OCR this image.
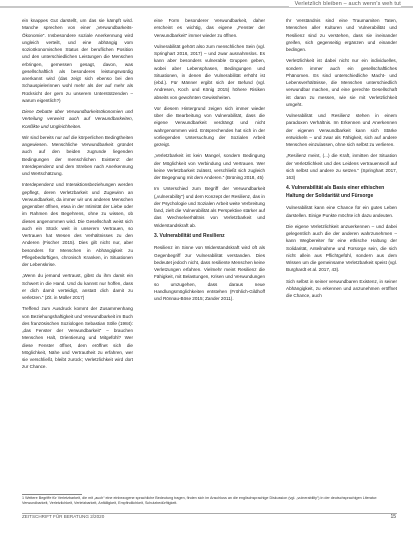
Verletzlich bleiben – auch wenn's weh tut

ein knappes Gut darstellt, um das sie kämpft wird. Manche sprechen von einer „Verwundbarkeits-Ökonomie“. Insbesondere soziale Anerkennung wird ungleich verteilt, und eine abhängig vom sozioökonomischen Status der beruflichen Position und den unterschiedlichen Leistungen die Menschen erbringen, gemessen gesagt, davon, was gesellschaftlich als besonderes leistungswürdig anerkannt wird (das zeigt sich ebenso bei den Schauspielerinnen wohl mehr als der auf mehr als Rücksicht der gern zu unserem Unterstützenden – warum eigentlich?)

Diese Debatte über Verwundbarkeitsökonomien und Verteilung verweist auch auf Verwundbarkeiten, Konflikte und Ungleichheiten.

Wir sind bereits nur auf die körperlichen Bedingtheiten angewiesen. Menschliche Verwundbarkeit gründet auch auf den beiden zugrunde liegenden Bedingungen der menschlichen Existenz: der Interdependenz und dem Streben nach Anerkennung und Wertschätzung.

Interdependenz und Interaktionsbeziehungen werden gepflegt, deren Verletzbarkeit und Zugewinn an Verwundbarkeit, da immer wir uns anderen Menschen gegenüber öffnen, etwa in der Intimität der Liebe oder im Rahmen des Begehrens, ohne zu wissen, ob dieses angenommen wird. Die Gesellschaft weist sich auch ein Stück weit in unserem Vertrauen, so Vertrauen hat Wesen des Verhältnisses zu den Anderen (Fischer 2015). Dies gilt nicht nur, aber besonders für Menschen in Abhängigkeit zu Pflegebedürftigen, chronisch Kranken, in Situationen der Lebenskrise.

„Wenn du jemand vertraust, gibst du ihm damit ein Schwert in die Hand. Und du kannst nur hoffen, dass er dich damit verteidigt, anstatt dich damit zu verletzen.“ (Zit. in Müller 2017)

Treffend zum Ausdruck kommt der Zusammenhang von Beziehungshaftigkeit und Verwundbarkeit im Buch des französischen Soziologen Sebastian Sölle (1984): „das Fenster der Verwundbarkeit“ – brauchen Menschen Halt, Orientierung und Mitgefühl? Wer diese Fenster öffnet, dem eröffnet sich die Möglichkeit, Nähe und Vertrautheit zu erfahren, wer sie verschließt, bleibt zurück; Verletzlichkeit wird dort zur Chance.

eine Form besonderer Verwundbarkeit, daher erscheint es wichtig, das eigene „Fenster der Verwundbarkeit“ immer wieder zu öffnen.

Vulnerabilität gehört also zum menschlichen Sein (vgl. Springhart 2016, 2017) – und zwar ausnahmslos. Es kann aber besonders vulnerable Gruppen geben, wobei aber Lebensphasen, Bedingungen und Situationen, in denen die Vulnerabilität erhöht ist (ebd.). Für Männer ergibt sich der Befund (vgl. Andresen, Koch und König 2015) höhere Risiken abseits von gewohnten Gewissheiten.

Vor diesem Hintergrund zeigen sich immer wieder über die Bearbeitung von Vulnerabilität, dass die eigene Verwundbarkeit verdrängt und nicht wahrgenommen wird. Entsprechendes hat sich in der vorliegenden Untersuchung der Sozialen Arbeit gezeigt.

„Verletzbarkeit ist kein Mangel, sondern Bedingung der Möglichkeit von Verbindung und Vertrauen. Wer keine Verletzbarkeit zulässt, verschließt sich zugleich der Begegnung mit dem Anderen.“ (Brüning 2018, 45)

Im Unterschied zum Begriff der Verwundbarkeit („vulnerability“) und dem Konzept der Resilienz, das in der Psychologie und Sozialen Arbeit weite Verbreitung fand, zielt die Vulnerabilität als Perspektive stärker auf das Wechselverhältnis von Verletzbarkeit und Widerstandskraft ab.

3. Vulnerabilität und Resilienz

Resilienz im Sinne von Widerstandskraft wird oft als Gegenbegriff zur Vulnerabilität verstanden. Dies bedeutet jedoch nicht, dass resiliente Menschen keine Verletzungen erfahren. Vielmehr meint Resilienz die Fähigkeit, mit Belastungen, Krisen und Verwundungen so umzugehen, dass daraus neue Handlungsmöglichkeiten entstehen (Fröhlich-Gildhoff und Rönnau-Böse 2015; Zander 2011).

Ihr Verständnis sind eine Traumamiten Taten, Menschen aller Kulturen und Vulnerabilität und Resilienz sind zu verstehen, dass sie ineinander greifen, sich gegenseitig ergänzen und einander bedingen.

Verletzlichkeit ist dabei nicht nur ein individuelles, sondern immer auch ein gesellschaftliches Phänomen. Es sind unterschiedliche Macht- und Lebensverhältnisse, die Menschen unterschiedlich verwundbar machen, und eine gerechte Gesellschaft ist daran zu messen, wie sie mit Verletzlichkeit umgeht.

Vulnerabilität und Resilienz stehen in einem paradoxen Verhältnis. Im Erkennen und Anerkennen der eigenen Verwundbarkeit kann sich Stärke entwickeln – und zwar als Fähigkeit, sich auf andere Menschen einzulassen, ohne sich selbst zu verlieren.

„Resilienz meint, (...) die Kraft, inmitten der Situation der Verletzlichkeit und des Leidens vertrauensvoll auf sich selbst und andere zu setzen.“ (Springhart 2017, 163)

4. Vulnerabilität als Basis einer ethischen Haltung der Solidarität und Fürsorge

Vulnerabilität kann eine Chance für ein gutes Leben darstellen. Einige Punkte möchte ich dazu andeuten.

Die eigene Verletzlichkeit anzuerkennen – und dabei gelegentlich auch die der anderen wahrzunehmen – kann Wegbereiter für eine ethische Haltung der Solidarität, Anteilnahme und Fürsorge sein, die sich nicht allein aus Pflichtgefühl, sondern aus dem Wissen um die gemeinsame Verletzbarkeit speist (vgl. Burghardt et al. 2017, 43).

Sich selbst in seiner verwundbaren Existenz, in seiner Abhängigkeit, zu erkennen und anzunehmen eröffnet die Chance, auch

1 Weitere Begriffe für Verletzbarkeit, die mit „auch“ eine einbezogene sprachliche Bedeutung tragen, finden sich im Anschluss an die englischsprachige Diskussion (vgl. „vulnerability“) in der deutschsprachigen Literatur: Verwundbarkeit, Verletzlichkeit, Verletzbarkeit, Anfälligkeit, Empfindlichkeit, Schutzbedürftigkeit.
ZEITSCHRIFT FÜR BERATUNG 2/2020	15
